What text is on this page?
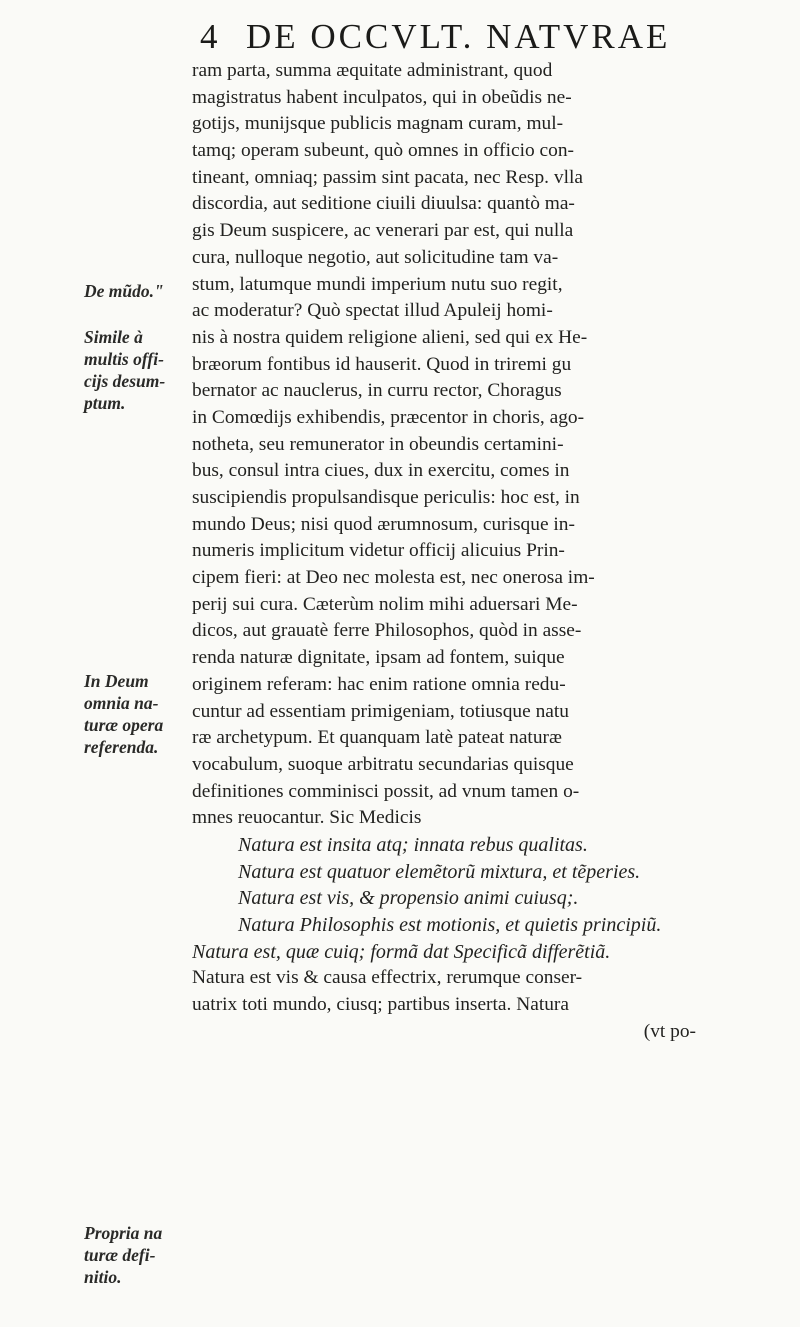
4 DE OCCVLT. NATVRAE
De mũdo."
Simile à
multis offi-
cijs desum-
ptum.
In Deum
omnia na-
turæ opera
referenda.
Propria na
turæ defi-
nitio.
ram parta, summa æquitate administrant, quod
magistratus habent inculpatos, qui in obeũdis ne-
gotijs, munijsque publicis magnam curam, mul-
tamq; operam subeunt, quò omnes in officio con-
tineant, omniaq; passim sint pacata, nec Resp. vlla
discordia, aut seditione ciuili diuulsa: quantò ma-
gis Deum suspicere, ac venerari par est, qui nulla
cura, nulloque negotio, aut solicitudine tam va-
stum, latumque mundi imperium nutu suo regit,
ac moderatur? Quò spectat illud Apuleij homi-
nis à nostra quidem religione alieni, sed qui ex He-
bræorum fontibus id hauserit. Quod in triremi gu
bernator ac nauclerus, in curru rector, Choragus
in Comœdijs exhibendis, præcentor in choris, ago-
notheta, seu remunerator in obeundis certamini-
bus, consul intra ciues, dux in exercitu, comes in
suscipiendis propulsandisque periculis: hoc est, in
mundo Deus; nisi quod ærumnosum, curisque in-
numeris implicitum videtur officij alicuius Prin-
cipem fieri: at Deo nec molesta est, nec onerosa im-
perij sui cura. Cæterùm nolim mihi aduersari Me-
dicos, aut grauatè ferre Philosophos, quòd in asse-
renda naturæ dignitate, ipsam ad fontem, suique
originem referam: hac enim ratione omnia redu-
cuntur ad essentiam primigeniam, totiusque natu
ræ archetypum. Et quanquam latè pateat naturæ
vocabulum, suoque arbitratu secundarias quisque
definitiones comminisci possit, ad vnum tamen o-
mnes reuocantur. Sic Medicis
Natura est insita atq; innata rebus qualitas.
Natura est quatuor elemẽtorũ mixtura, et tẽperies.
Natura est vis, & propensio animi cuiusq;.
Natura Philosophis est motionis, et quietis principiũ.
Natura est, quæ cuiq; formã dat Specificã differẽtiã.
Natura est vis & causa effectrix, rerumque conser-
uatrix toti mundo, ciusq; partibus inserta. Natura
(vt po-
